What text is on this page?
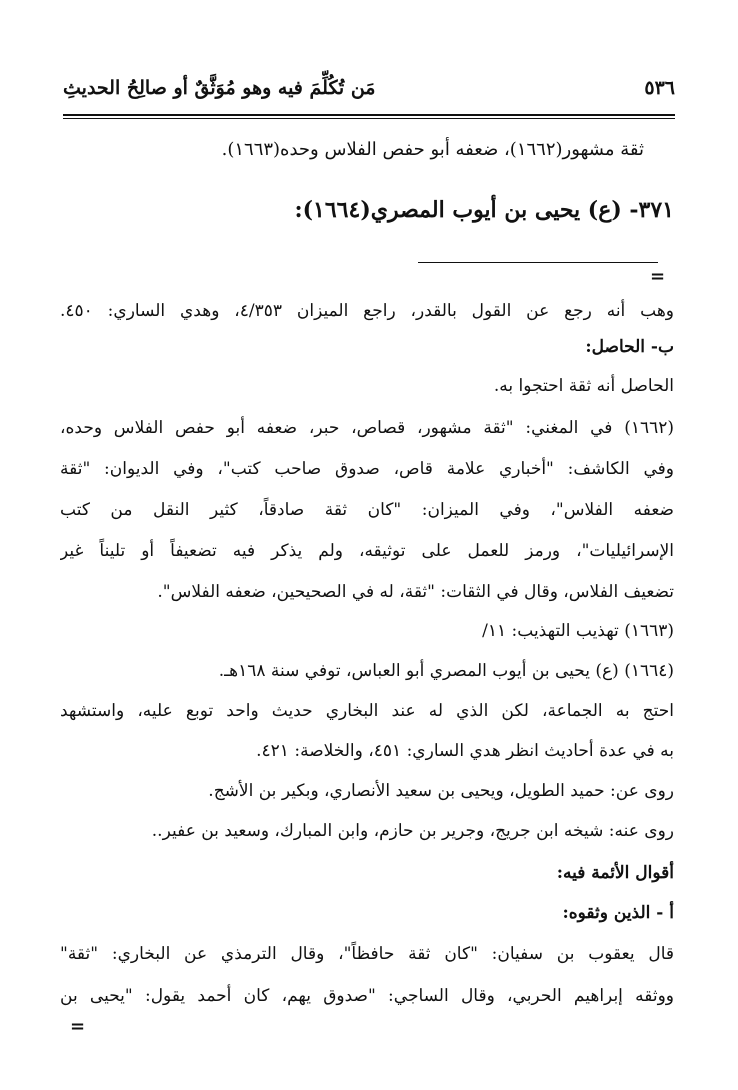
٥٣٦
مَن تُكُلِّمَ فيه وهو مُوَثَّقٌ أو صالِحُ الحديثِ
ثقة مشهور(١٦٦٢)، ضعفه أبو حفص الفلاس وحده(١٦٦٣).
٣٧١- (ع) يحيى بن أيوب المصري(١٦٦٤):
=
وهب أنه رجع عن القول بالقدر، راجع الميزان ٤/٣٥٣، وهدي الساري: ٤٥٠.
ب- الحاصل:
الحاصل أنه ثقة احتجوا به.
(١٦٦٢) في المغني: "ثقة مشهور، قصاص، حبر، ضعفه أبو حفص الفلاس وحده،
وفي الكاشف: "أخباري علامة قاص، صدوق صاحب كتب"، وفي الديوان: "ثقة
ضعفه الفلاس"، وفي الميزان: "كان ثقة صادقاً، كثير النقل من كتب
الإسرائيليات"، ورمز للعمل على توثيقه، ولم يذكر فيه تضعيفاً أو تليناً غير
تضعيف الفلاس، وقال في الثقات: "ثقة، له في الصحيحين، ضعفه الفلاس".
(١٦٦٣) تهذيب التهذيب: ١١/
(١٦٦٤) (ع) يحيى بن أيوب المصري أبو العباس، توفي سنة ١٦٨هـ.
احتج به الجماعة، لكن الذي له عند البخاري حديث واحد توبع عليه، واستشهد
به في عدة أحاديث انظر هدي الساري: ٤٥١، والخلاصة: ٤٢١.
روى عن: حميد الطويل، ويحيى بن سعيد الأنصاري، وبكير بن الأشج.
روى عنه: شيخه ابن جريج، وجرير بن حازم، وابن المبارك، وسعيد بن عفير..
أقوال الأئمة فيه:
أ - الذين وثقوه:
قال يعقوب بن سفيان: "كان ثقة حافظاً"، وقال الترمذي عن البخاري: "ثقة"
ووثقه إبراهيم الحربي، وقال الساجي: "صدوق يهم، كان أحمد يقول: "يحيى بن
=
